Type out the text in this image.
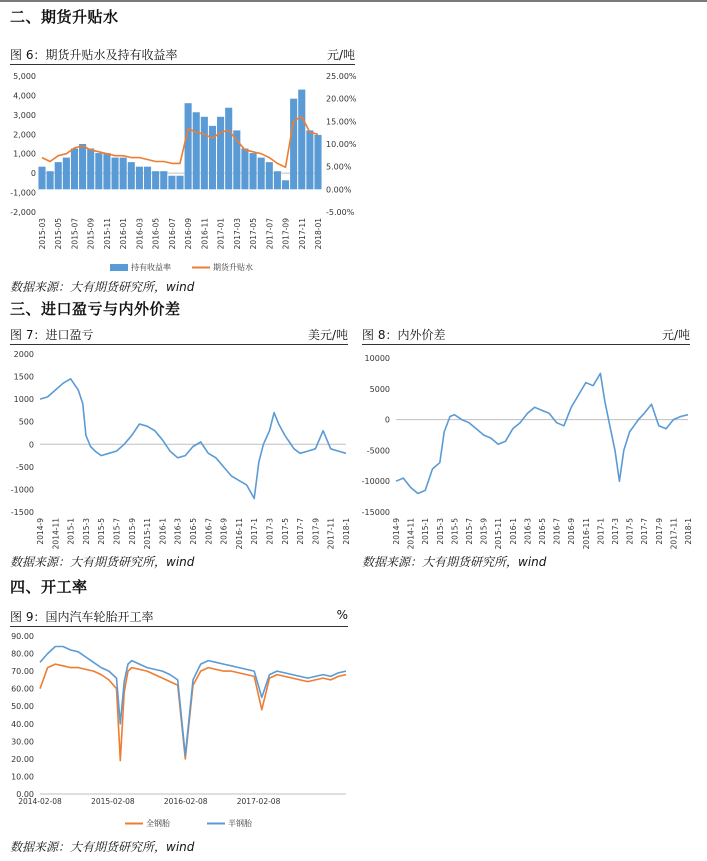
二、期货升贴水
图 6：期货升贴水及持有收益率	元/吨
5,000
4,000
3,000
2,000
1,000
0
-1,000
-2,000
25.00%
20.00%
15.00%
10.00%
5.00%
0.00%
-5.00%
2015-03 2015-05 2015-07 2015-09 2015-11 2016-01 2016-03 2016-05 2016-07 2016-09 2016-11 2017-01 2017-03 2017-05 2017-07 2017-09 2017-11 2018-01
持有收益率	期货升贴水
数据来源：大有期货研究所，wind
三、进口盈亏与内外价差
图 7：进口盈亏	美元/吨
2000
1500
1000
500
0
-500
-1000
-1500
2014-9 2014-11 2015-1 2015-3 2015-5 2015-7 2015-9 2015-11 2016-1 2016-3 2016-5 2016-7 2016-9 2016-11 2017-1 2017-3 2017-5 2017-7 2017-9 2017-11 2018-1
数据来源：大有期货研究所，wind
图 8：内外价差	元/吨
10000
5000
0
-5000
-10000
-15000
2014-9 2014-11 2015-1 2015-3 2015-5 2015-7 2015-9 2015-11 2016-1 2016-3 2016-5 2016-7 2016-9 2016-11 2017-1 2017-3 2017-5 2017-7 2017-9 2017-11 2018-1
数据来源：大有期货研究所，wind
四、开工率
图 9：国内汽车轮胎开工率	%
90.00
80.00
70.00
60.00
50.00
40.00
30.00
20.00
10.00
0.00
2014-02-08	2015-02-08	2016-02-08	2017-02-08
全钢胎	半钢胎
数据来源：大有期货研究所，wind
